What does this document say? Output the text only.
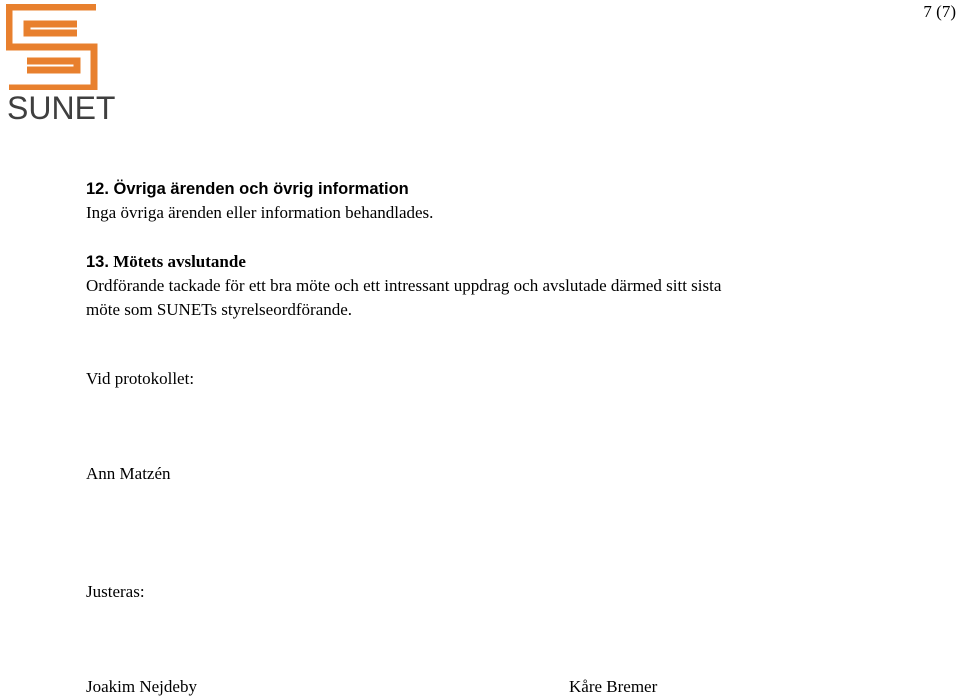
7 (7)
SUNET
12. Övriga ärenden och övrig information
Inga övriga ärenden eller information behandlades.
13. Mötets avslutande
Ordförande tackade för ett bra möte och ett intressant uppdrag och avslutade därmed sitt sista
möte som SUNETs styrelseordförande.
Vid protokollet:
Ann Matzén
Justeras:
Joakim Nejdeby	Kåre Bremer
